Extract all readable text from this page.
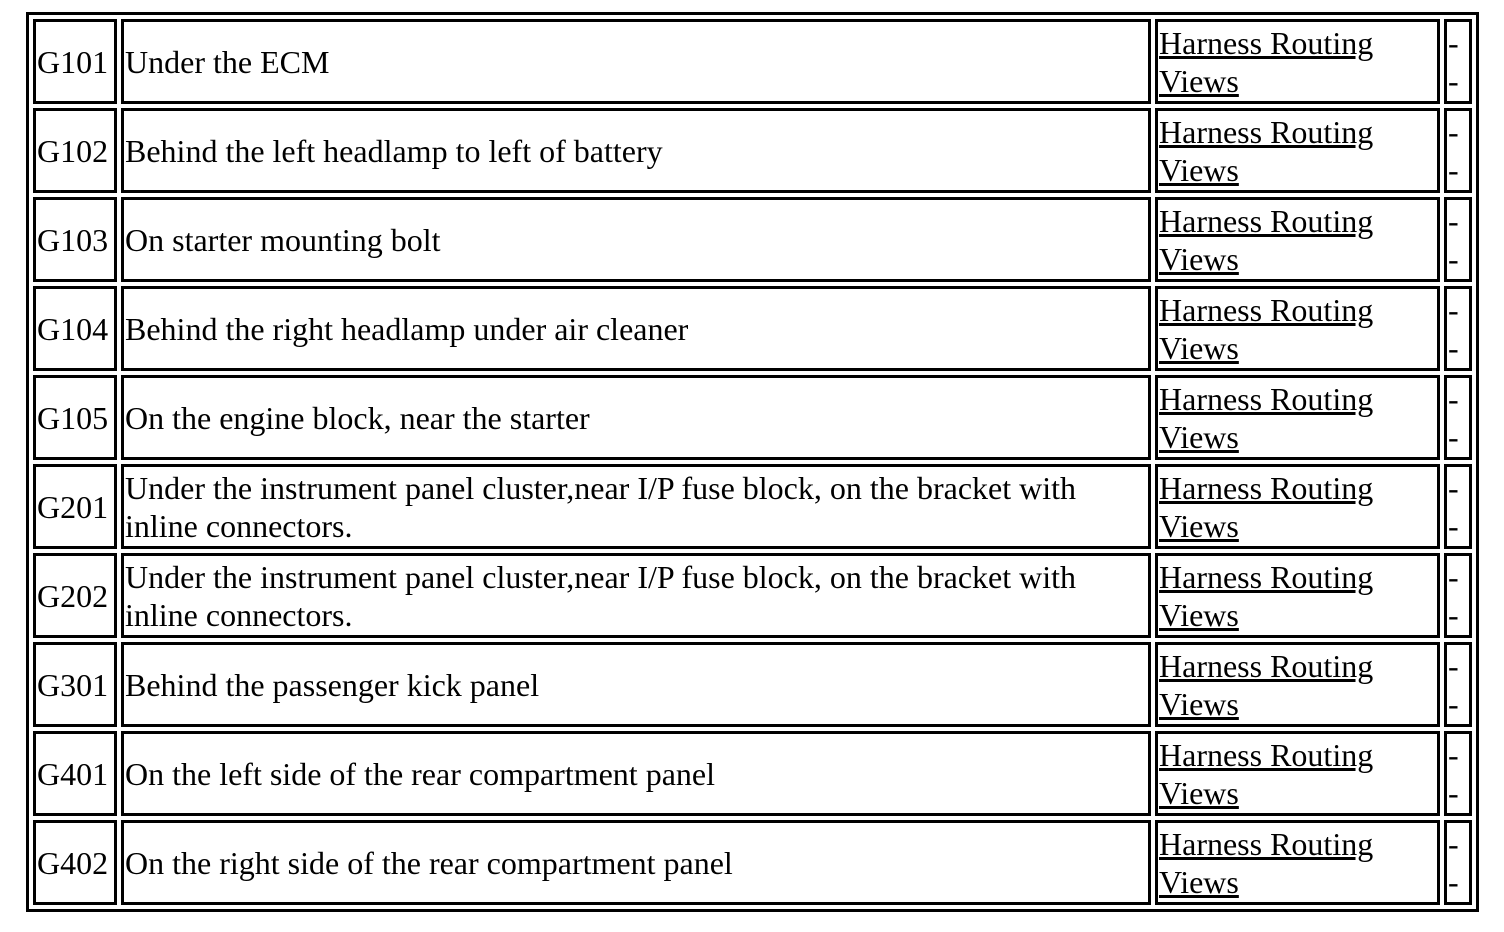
G101	Under the ECM	Harness Routing Views	-
-

G102	Behind the left headlamp to left of battery	Harness Routing Views	-
-

G103	On starter mounting bolt	Harness Routing Views	-
-

G104	Behind the right headlamp under air cleaner	Harness Routing Views	-
-

G105	On the engine block, near the starter	Harness Routing Views	-
-

G201	Under the instrument panel cluster,near I/P fuse block, on the bracket with inline connectors.	Harness Routing Views	-
-

G202	Under the instrument panel cluster,near I/P fuse block, on the bracket with inline connectors.	Harness Routing Views	-
-

G301	Behind the passenger kick panel	Harness Routing Views	-
-

G401	On the left side of the rear compartment panel	Harness Routing Views	-
-

G402	On the right side of the rear compartment panel	Harness Routing Views	-
-
